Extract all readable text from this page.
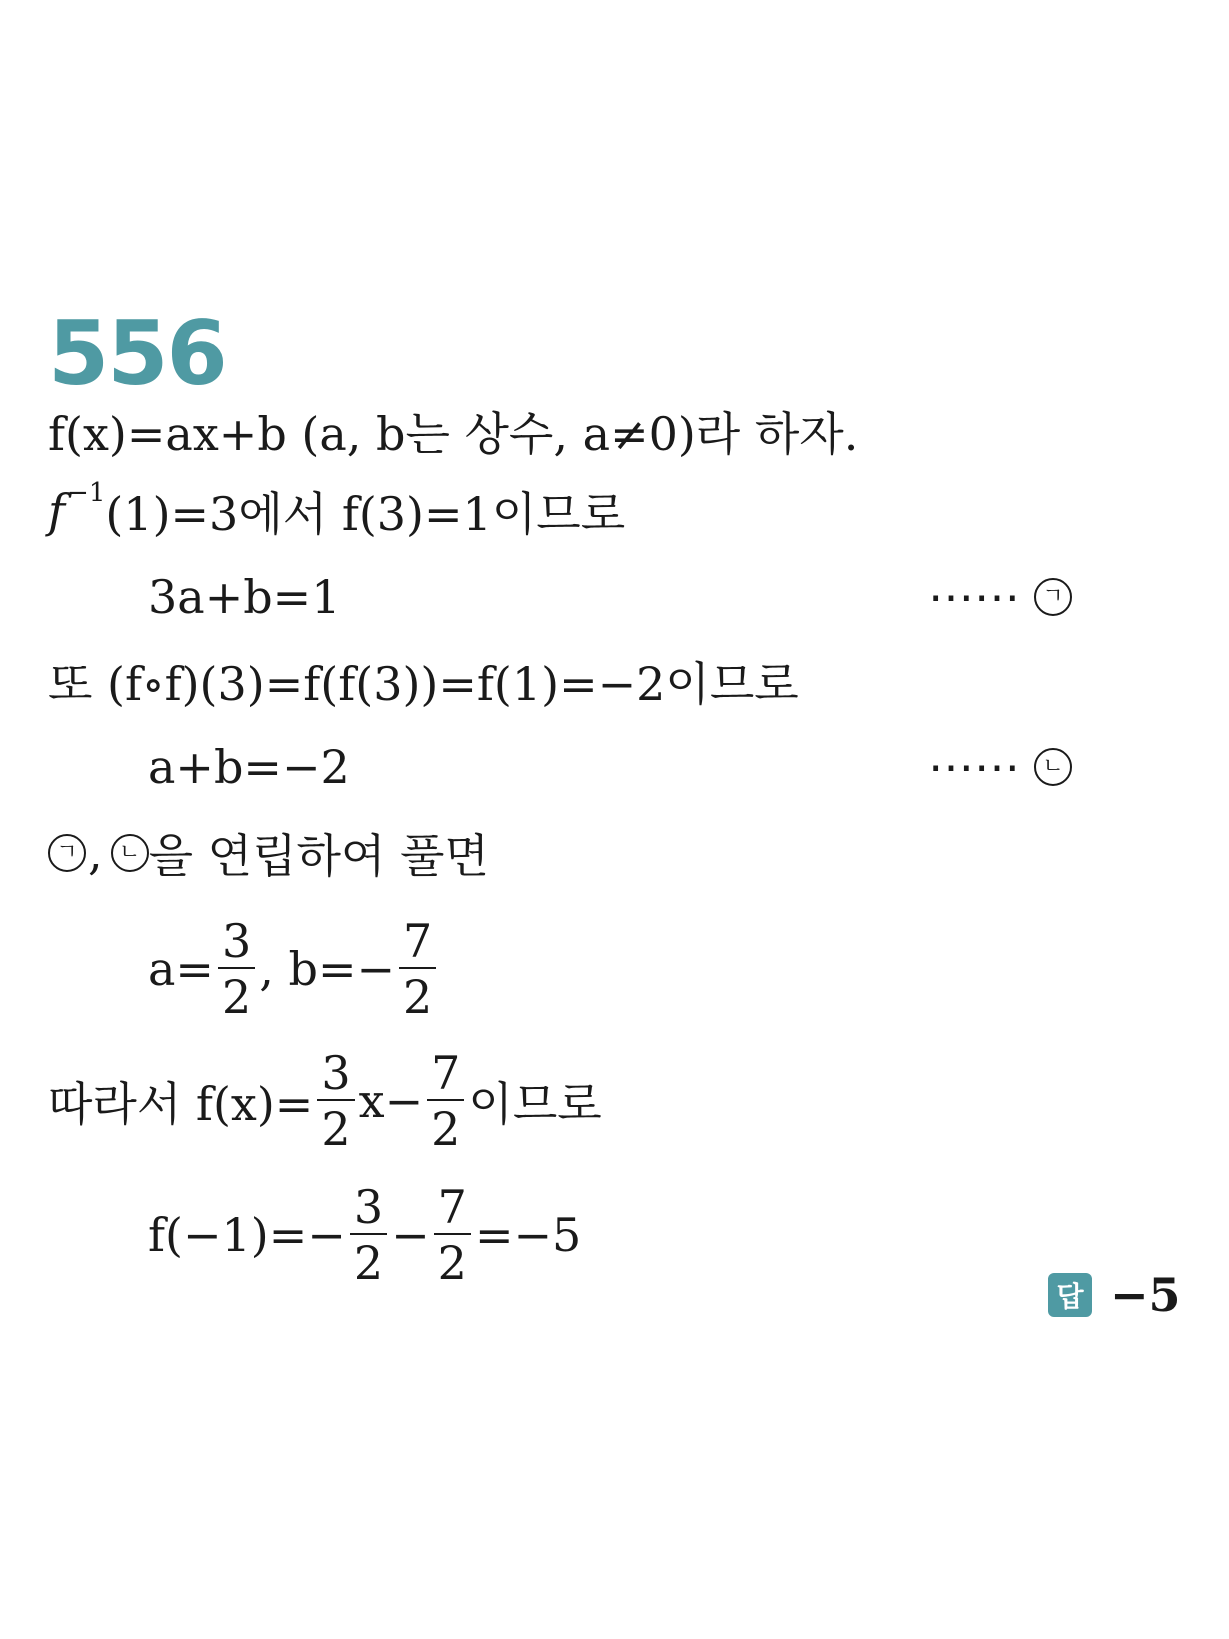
556
f(x)=ax+b (a, b는 상수, a≠0)라 하자.
f −1 (1)=3에서 f(3)=1이므로
3a+b=1	⋯⋯	ㄱ
또 (f∘f)(3)=f(f(3))=f(1)=−2이므로
a+b=−2	⋯⋯	ㄴ
ㄱ , ㄴ 을 연립하여 풀면
$a= \frac{3}{2}$ , $b=- \frac{7}{2}$
따라서 $f(x)= \frac{3}{2} x- \frac{7}{2}$ 이므로
$f(-1)=- \frac{3}{2} - \frac{7}{2} =-5$
답 −5
